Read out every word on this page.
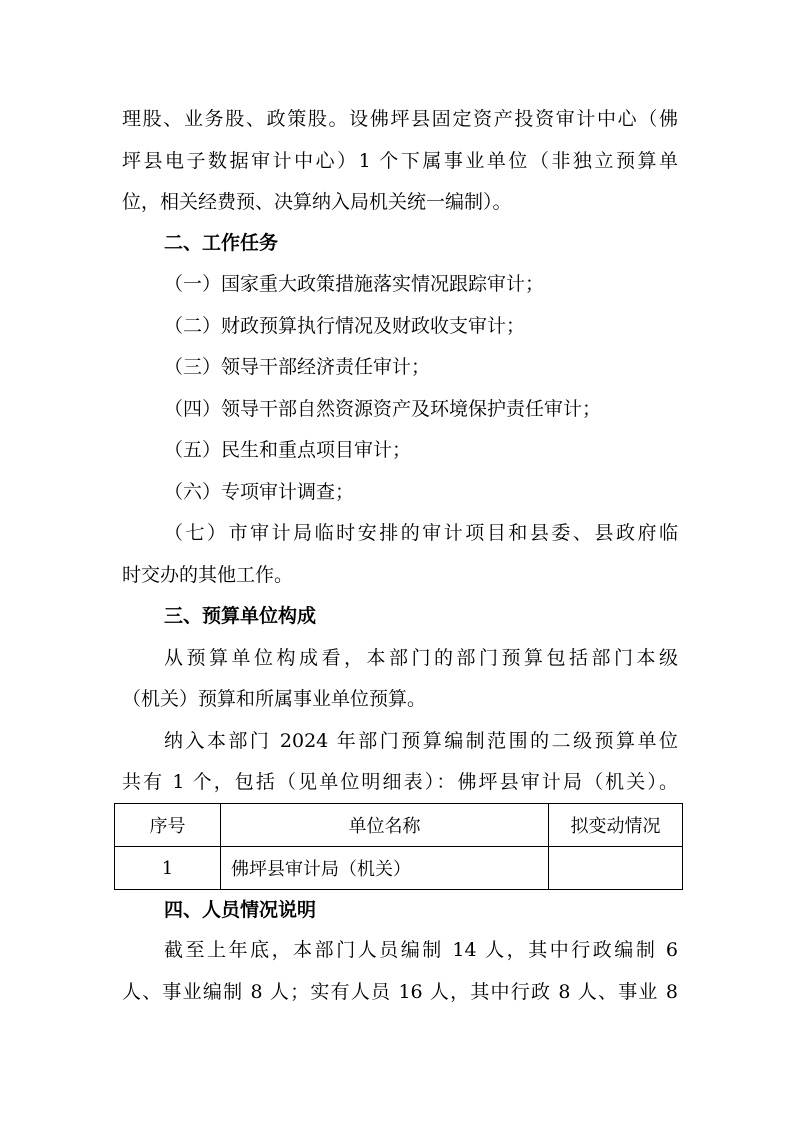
理股、业务股、政策股。设佛坪县固定资产投资审计中心（佛
坪县电子数据审计中心）1 个下属事业单位（非独立预算单
位，相关经费预、决算纳入局机关统一编制）。
二、工作任务
（一）国家重大政策措施落实情况跟踪审计；
（二）财政预算执行情况及财政收支审计；
（三）领导干部经济责任审计；
（四）领导干部自然资源资产及环境保护责任审计；
（五）民生和重点项目审计；
（六）专项审计调查；
（七）市审计局临时安排的审计项目和县委、县政府临
时交办的其他工作。
三、预算单位构成
从预算单位构成看，本部门的部门预算包括部门本级
（机关）预算和所属事业单位预算。
纳入本部门 2024 年部门预算编制范围的二级预算单位
共有 1 个，包括（见单位明细表）：佛坪县审计局（机关）。
序号	单位名称	拟变动情况
1	佛坪县审计局（机关）	
四、人员情况说明
截至上年底，本部门人员编制 14 人，其中行政编制 6
人、事业编制 8 人；实有人员 16 人，其中行政 8 人、事业 8
